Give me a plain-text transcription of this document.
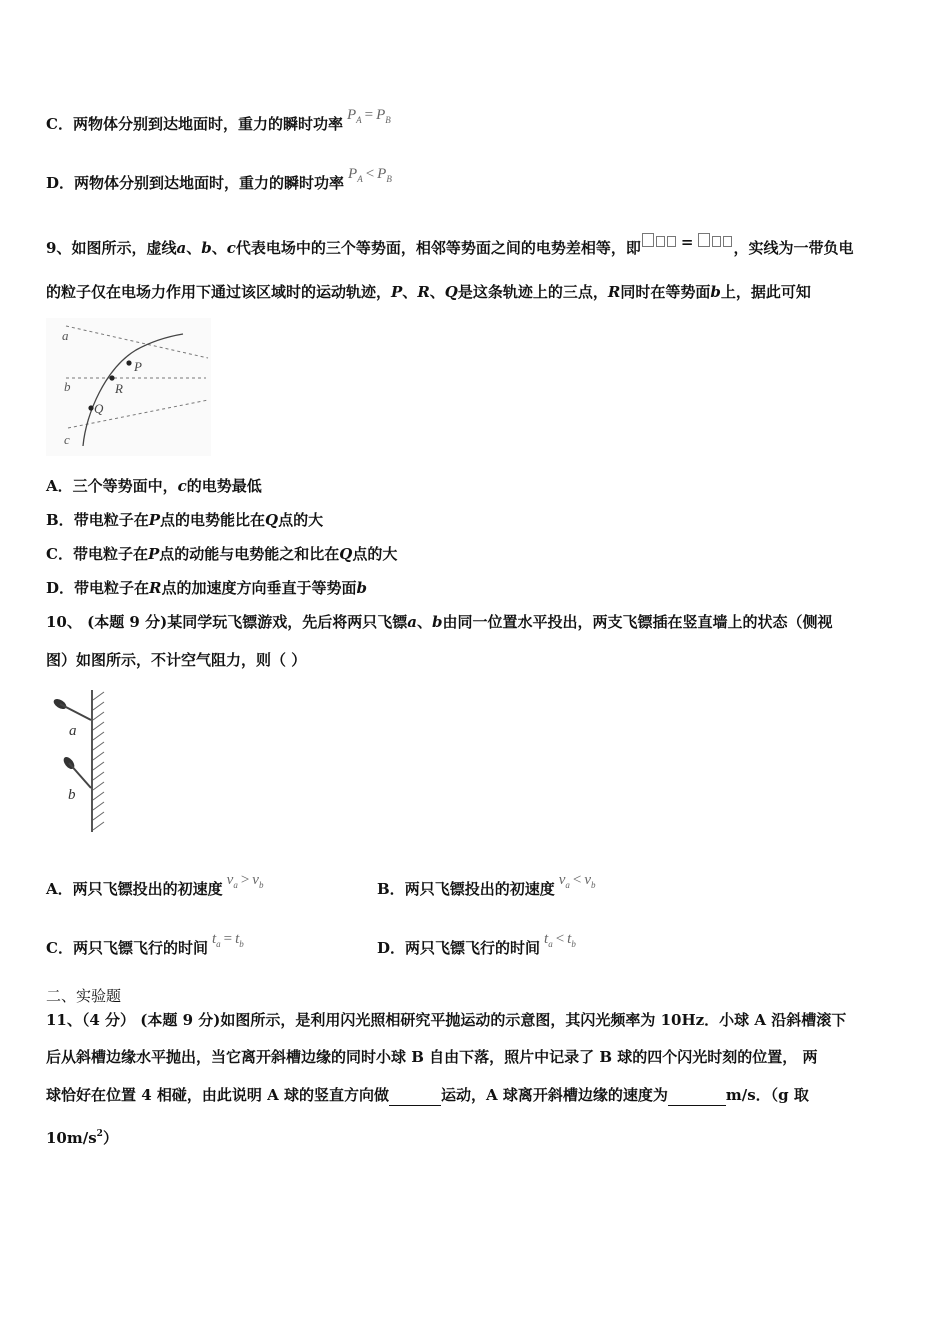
C．两物体分别到达地面时，重力的瞬时功率 $P_A = P_B$
D．两物体分别到达地面时，重力的瞬时功率 $P_A < P_B$
9、如图所示，虚线a、b、c代表电场中的三个等势面，相邻等势面之间的电势差相等，即	=	，实线为一带负电
的粒子仅在电场力作用下通过该区域时的运动轨迹，P、R、Q是这条轨迹上的三点，R同时在等势面b上，据此可知
a
b
c
P
R
Q
A．三个等势面中，c的电势最低
B．带电粒子在P点的电势能比在Q点的大
C．带电粒子在P点的动能与电势能之和比在Q点的大
D．带电粒子在R点的加速度方向垂直于等势面b
10、 (本题 9 分)某同学玩飞镖游戏，先后将两只飞镖a、b由同一位置水平投出，两支飞镖插在竖直墙上的状态（侧视
图）如图所示，不计空气阻力，则（ ）
a
b
A．两只飞镖投出的初速度 $v_a > v_b$	B．两只飞镖投出的初速度 $v_a < v_b$
C．两只飞镖飞行的时间 $t_a = t_b$	D．两只飞镖飞行的时间 $t_a < t_b$
二、实验题
11、（4 分） (本题 9 分)如图所示，是利用闪光照相研究平抛运动的示意图，其闪光频率为 10Hz．小球 A 沿斜槽滚下
后从斜槽边缘水平抛出，当它离开斜槽边缘的同时小球 B 自由下落，照片中记录了 B 球的四个闪光时刻的位置， 两
球恰好在位置 4 相碰，由此说明 A 球的竖直方向做	运动，A 球离开斜槽边缘的速度为	m/s．（g 取
$10m/s^2$）
